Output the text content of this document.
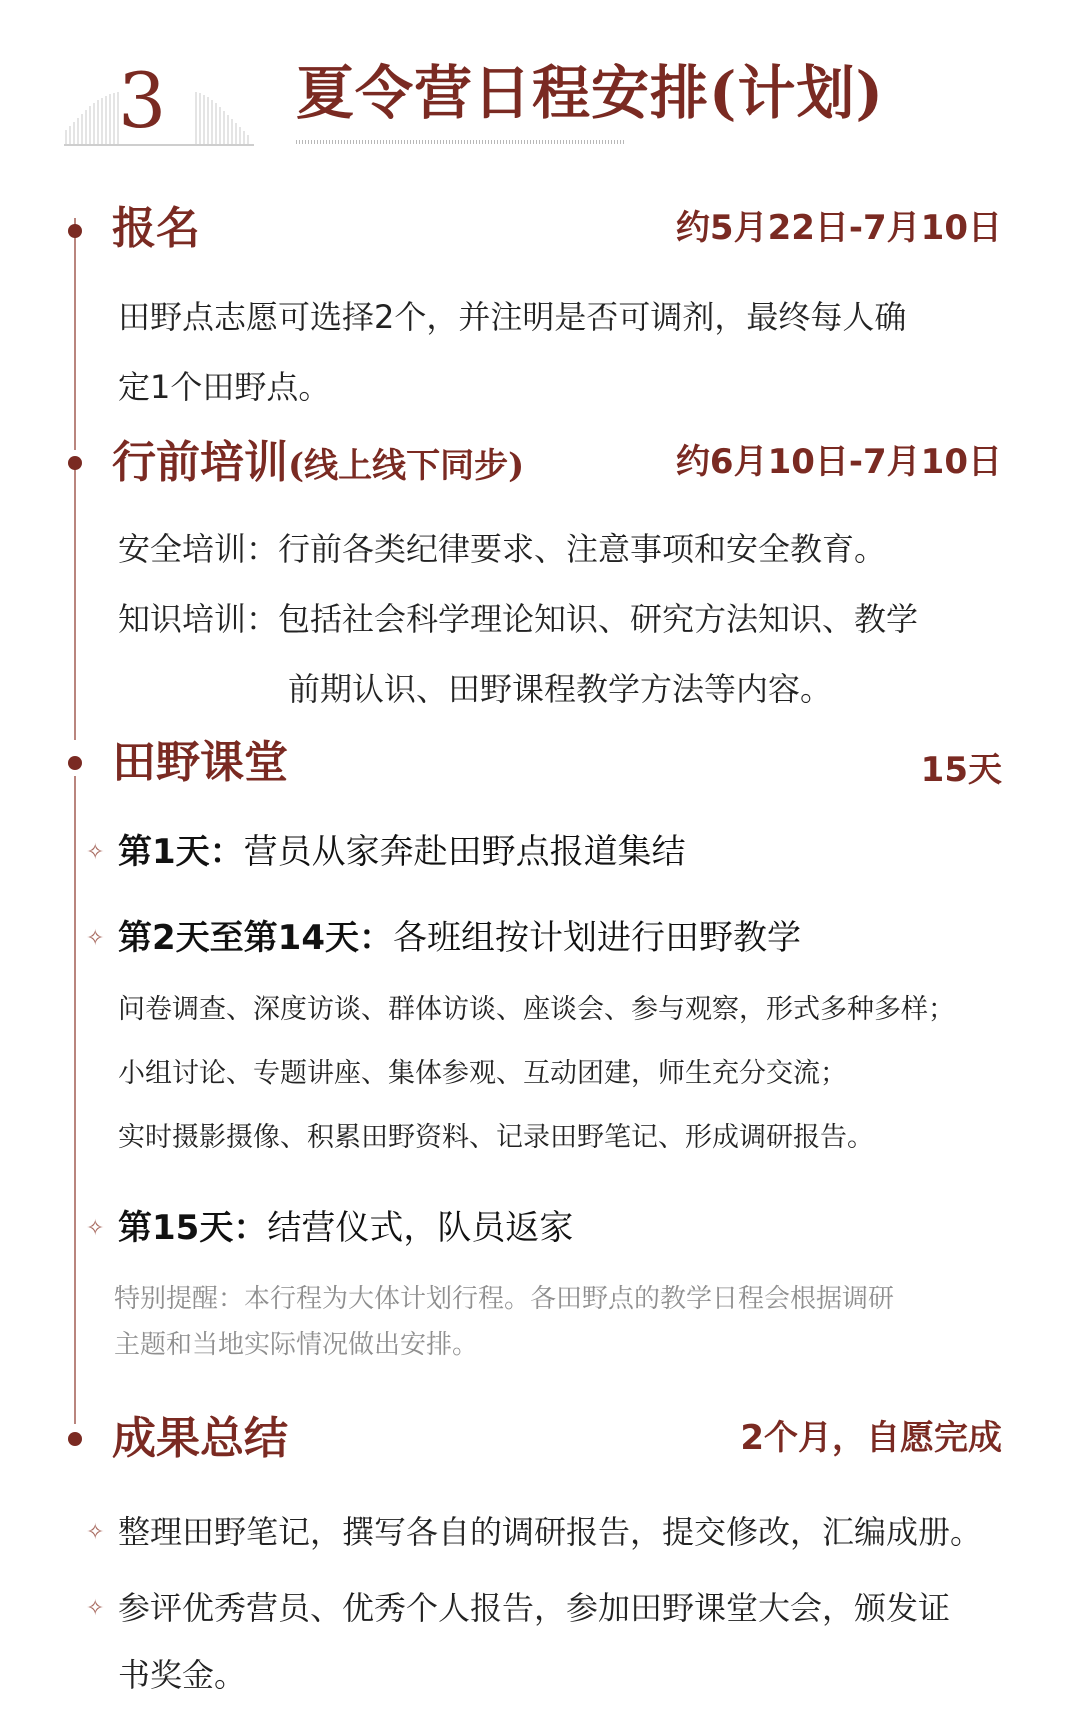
3 夏令营日程安排(计划)
报名	约5月22日-7月10日
田野点志愿可选择2个，并注明是否可调剂，最终每人确
定1个田野点。
行前培训(线上线下同步)	约6月10日-7月10日
安全培训：行前各类纪律要求、注意事项和安全教育。
知识培训：包括社会科学理论知识、研究方法知识、教学
前期认识、田野课程教学方法等内容。
田野课堂	15天
✧ 第1天：营员从家奔赴田野点报道集结
✧ 第2天至第14天：各班组按计划进行田野教学
问卷调查、深度访谈、群体访谈、座谈会、参与观察，形式多种多样；
小组讨论、专题讲座、集体参观、互动团建，师生充分交流；
实时摄影摄像、积累田野资料、记录田野笔记、形成调研报告。
✧ 第15天：结营仪式，队员返家
特别提醒：本行程为大体计划行程。各田野点的教学日程会根据调研
主题和当地实际情况做出安排。
成果总结	2个月，自愿完成
✧ 整理田野笔记，撰写各自的调研报告，提交修改，汇编成册。
✧ 参评优秀营员、优秀个人报告，参加田野课堂大会，颁发证
书奖金。
